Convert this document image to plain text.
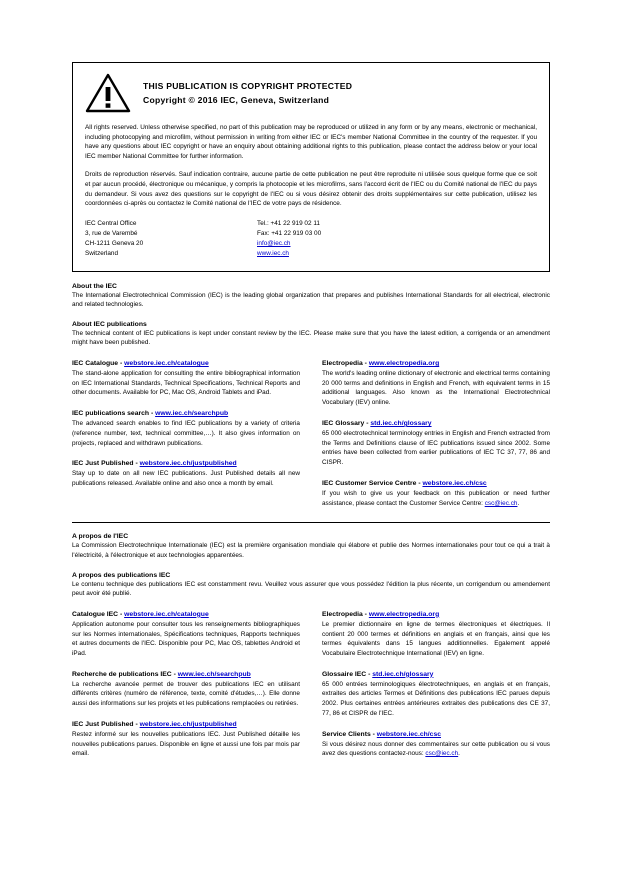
THIS PUBLICATION IS COPYRIGHT PROTECTED
Copyright © 2016 IEC, Geneva, Switzerland

All rights reserved. Unless otherwise specified, no part of this publication may be reproduced or utilized in any form or by any means, electronic or mechanical, including photocopying and microfilm, without permission in writing from either IEC or IEC's member National Committee in the country of the requester. If you have any questions about IEC copyright or have an enquiry about obtaining additional rights to this publication, please contact the address below or your local IEC member National Committee for further information.

Droits de reproduction réservés. Sauf indication contraire, aucune partie de cette publication ne peut être reproduite ni utilisée sous quelque forme que ce soit et par aucun procédé, électronique ou mécanique, y compris la photocopie et les microfilms, sans l'accord écrit de l'IEC ou du Comité national de l'IEC du pays du demandeur. Si vous avez des questions sur le copyright de l'IEC ou si vous désirez obtenir des droits supplémentaires sur cette publication, utilisez les coordonnées ci-après ou contactez le Comité national de l'IEC de votre pays de résidence.

IEC Central Office
3, rue de Varembé
CH-1211 Geneva 20
Switzerland
Tel.: +41 22 919 02 11
Fax: +41 22 919 03 00
info@iec.ch
www.iec.ch
About the IEC
The International Electrotechnical Commission (IEC) is the leading global organization that prepares and publishes International Standards for all electrical, electronic and related technologies.
About IEC publications
The technical content of IEC publications is kept under constant review by the IEC. Please make sure that you have the latest edition, a corrigenda or an amendment might have been published.
IEC Catalogue - webstore.iec.ch/catalogue
The stand-alone application for consulting the entire bibliographical information on IEC International Standards, Technical Specifications, Technical Reports and other documents. Available for PC, Mac OS, Android Tablets and iPad.
IEC publications search - www.iec.ch/searchpub
The advanced search enables to find IEC publications by a variety of criteria (reference number, text, technical committee,…). It also gives information on projects, replaced and withdrawn publications.
IEC Just Published - webstore.iec.ch/justpublished
Stay up to date on all new IEC publications. Just Published details all new publications released. Available online and also once a month by email.
Electropedia - www.electropedia.org
The world's leading online dictionary of electronic and electrical terms containing 20 000 terms and definitions in English and French, with equivalent terms in 15 additional languages. Also known as the International Electrotechnical Vocabulary (IEV) online.
IEC Glossary - std.iec.ch/glossary
65 000 electrotechnical terminology entries in English and French extracted from the Terms and Definitions clause of IEC publications issued since 2002. Some entries have been collected from earlier publications of IEC TC 37, 77, 86 and CISPR.
IEC Customer Service Centre - webstore.iec.ch/csc
If you wish to give us your feedback on this publication or need further assistance, please contact the Customer Service Centre: csc@iec.ch.
A propos de l'IEC
La Commission Electrotechnique Internationale (IEC) est la première organisation mondiale qui élabore et publie des Normes internationales pour tout ce qui a trait à l'électricité, à l'électronique et aux technologies apparentées.
A propos des publications IEC
Le contenu technique des publications IEC est constamment revu. Veuillez vous assurer que vous possédez l'édition la plus récente, un corrigendum ou amendement peut avoir été publié.
Catalogue IEC - webstore.iec.ch/catalogue
Application autonome pour consulter tous les renseignements bibliographiques sur les Normes internationales, Spécifications techniques, Rapports techniques et autres documents de l'IEC. Disponible pour PC, Mac OS, tablettes Android et iPad.
Recherche de publications IEC - www.iec.ch/searchpub
La recherche avancée permet de trouver des publications IEC en utilisant différents critères (numéro de référence, texte, comité d'études,…). Elle donne aussi des informations sur les projets et les publications remplacées ou retirées.
IEC Just Published - webstore.iec.ch/justpublished
Restez informé sur les nouvelles publications IEC. Just Published détaille les nouvelles publications parues. Disponible en ligne et aussi une fois par mois par email.
Electropedia - www.electropedia.org
Le premier dictionnaire en ligne de termes électroniques et électriques. Il contient 20 000 termes et définitions en anglais et en français, ainsi que les termes équivalents dans 15 langues additionnelles. Egalement appelé Vocabulaire Electrotechnique International (IEV) en ligne.
Glossaire IEC - std.iec.ch/glossary
65 000 entrées terminologiques électrotechniques, en anglais et en français, extraites des articles Termes et Définitions des publications IEC parues depuis 2002. Plus certaines entrées antérieures extraites des publications des CE 37, 77, 86 et CISPR de l'IEC.
Service Clients - webstore.iec.ch/csc
Si vous désirez nous donner des commentaires sur cette publication ou si vous avez des questions contactez-nous: csc@iec.ch.
